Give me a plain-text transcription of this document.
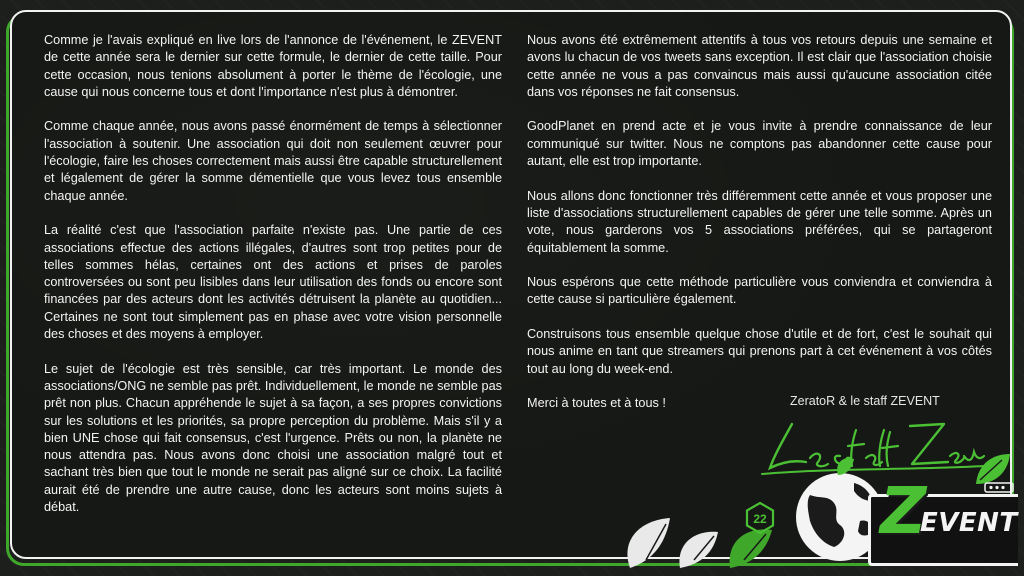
Comme je l'avais expliqué en live lors de l'annonce de l'événement, le ZEVENT de cette année sera le dernier sur cette formule, le dernier de cette taille. Pour cette occasion, nous tenions absolument à porter le thème de l'écologie, une cause qui nous concerne tous et dont l'importance n'est plus à démontrer.

Comme chaque année, nous avons passé énormément de temps à sélectionner l'association à soutenir. Une association qui doit non seulement œuvrer pour l'écologie, faire les choses correctement mais aussi être capable structurellement et légalement de gérer la somme démentielle que vous levez tous ensemble chaque année.

La réalité c'est que l'association parfaite n'existe pas. Une partie de ces associations effectue des actions illégales, d'autres sont trop petites pour de telles sommes hélas, certaines ont des actions et prises de paroles controversées ou sont peu lisibles dans leur utilisation des fonds ou encore sont financées par des acteurs dont les activités détruisent la planète au quotidien... Certaines ne sont tout simplement pas en phase avec votre vision personnelle des choses et des moyens à employer.

Le sujet de l'écologie est très sensible, car très important. Le monde des associations/ONG ne semble pas prêt. Individuellement, le monde ne semble pas prêt non plus. Chacun appréhende le sujet à sa façon, a ses propres convictions sur les solutions et les priorités, sa propre perception du problème. Mais s'il y a bien UNE chose qui fait consensus, c'est l'urgence. Prêts ou non, la planète ne nous attendra pas. Nous avons donc choisi une association malgré tout et sachant très bien que tout le monde ne serait pas aligné sur ce choix. La facilité aurait été de prendre une autre cause, donc les acteurs sont moins sujets à débat.

Nous avons été extrêmement attentifs à tous vos retours depuis une semaine et avons lu chacun de vos tweets sans exception. Il est clair que l'association choisie cette année ne vous a pas convaincus mais aussi qu'aucune association citée dans vos réponses ne fait consensus.

GoodPlanet en prend acte et je vous invite à prendre connaissance de leur communiqué sur twitter. Nous ne comptons pas abandonner cette cause pour autant, elle est trop importante.

Nous allons donc fonctionner très différemment cette année et vous proposer une liste d'associations structurellement capables de gérer une telle somme. Après un vote, nous garderons vos 5 associations préférées, qui se partageront équitablement la somme.

Nous espérons que cette méthode particulière vous conviendra et conviendra à cette cause si particulière également.

Construisons tous ensemble quelque chose d'utile et de fort, c'est le souhait qui nous anime en tant que streamers qui prenons part à cet événement à vos côtés tout au long du week-end.

Merci à toutes et à tous !	ZeratoR & le staff ZEVENT
22 Z
EVENT
